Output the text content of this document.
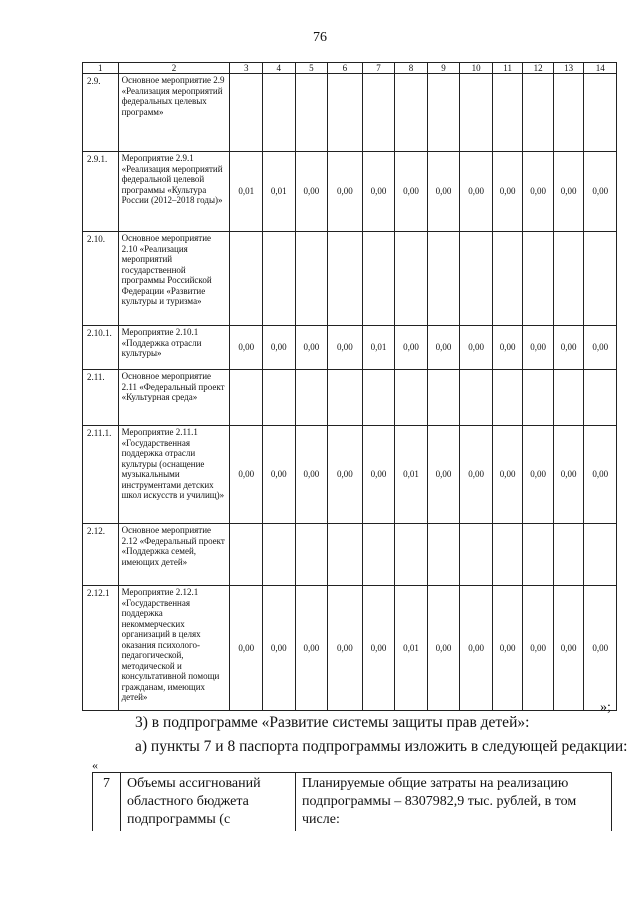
76
1	2	3	4	5	6	7	8	9	10	11	12	13	14
2.9.	Основное мероприятие 2.9 «Реализация мероприятий федеральных целевых программ»												
2.9.1.	Мероприятие 2.9.1 «Реализация мероприятий федеральной целевой программы «Культура России (2012–2018 годы)»	0,01	0,01	0,00	0,00	0,00	0,00	0,00	0,00	0,00	0,00	0,00	0,00
2.10.	Основное мероприятие 2.10 «Реализация мероприятий государственной программы Российской Федерации «Развитие культуры и туризма»												
2.10.1.	Мероприятие 2.10.1 «Поддержка отрасли культуры»	0,00	0,00	0,00	0,00	0,01	0,00	0,00	0,00	0,00	0,00	0,00	0,00
2.11.	Основное мероприятие 2.11 «Федеральный проект «Культурная среда»												
2.11.1.	Мероприятие 2.11.1 «Государственная поддержка отрасли культуры (оснащение музыкальными инструментами детских школ искусств и училищ)»	0,00	0,00	0,00	0,00	0,00	0,01	0,00	0,00	0,00	0,00	0,00	0,00
2.12.	Основное мероприятие 2.12 «Федеральный проект «Поддержка семей, имеющих детей»												
2.12.1	Мероприятие 2.12.1 «Государственная поддержка некоммерческих организаций в целях оказания психолого-педагогической, методической и консультативной помощи гражданам, имеющих детей»	0,00	0,00	0,00	0,00	0,00	0,01	0,00	0,00	0,00	0,00	0,00	0,00
»;
3) в подпрограмме «Развитие системы защиты прав детей»:
а) пункты 7 и 8 паспорта подпрограммы изложить в следующей редакции:
«
7	Объемы ассигнований областного бюджета подпрограммы (с	Планируемые общие затраты на реализацию подпрограммы – 8307982,9 тыс. рублей, в том числе:
